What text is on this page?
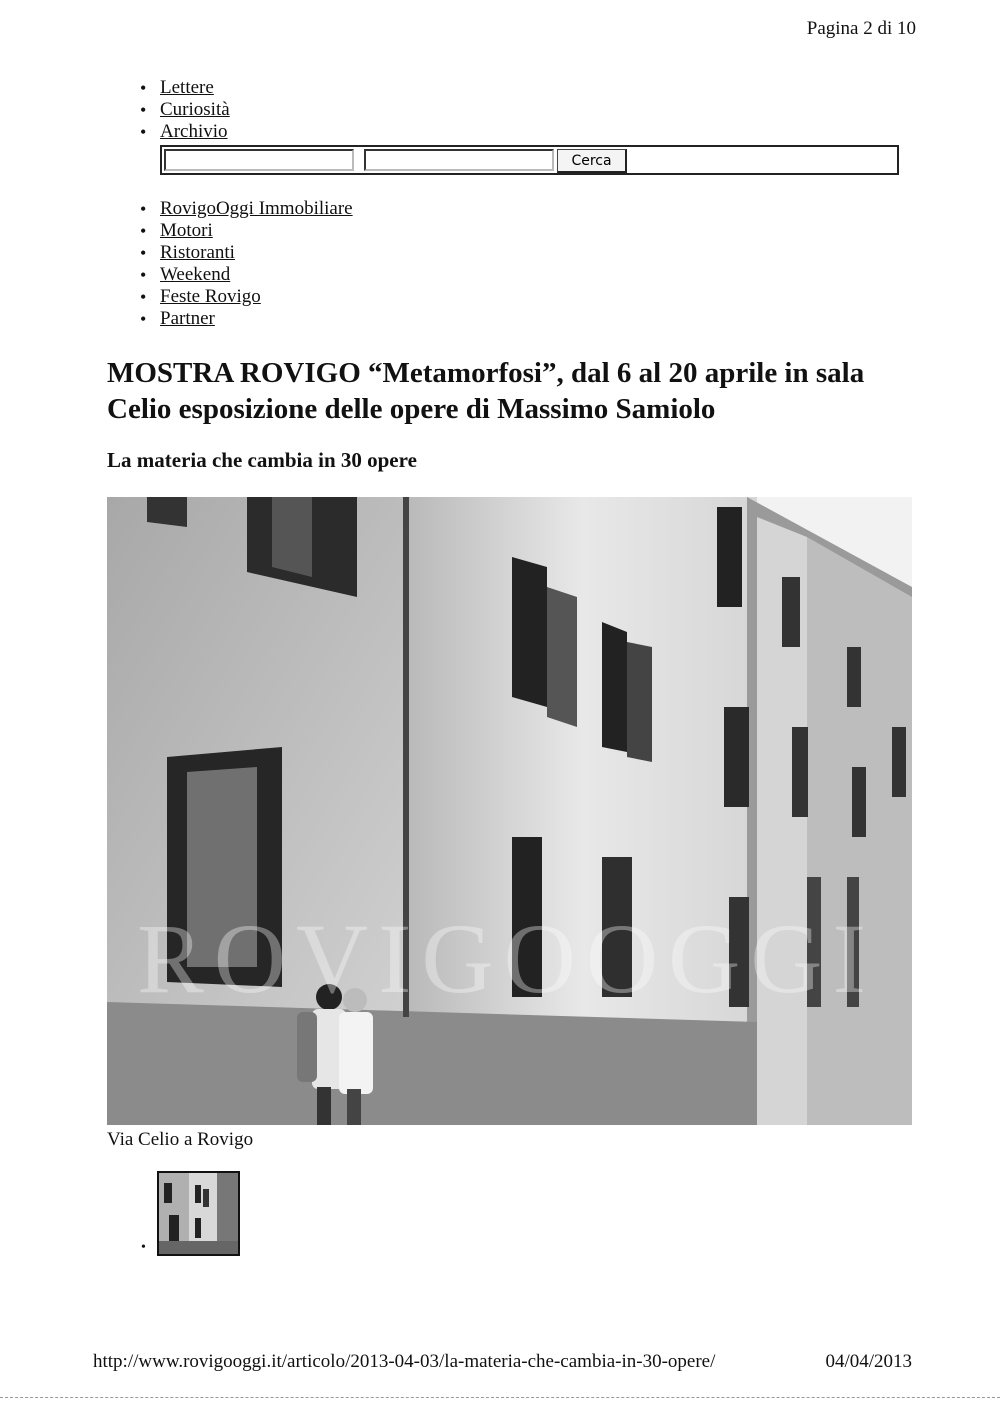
Pagina 2 di 10
• Lettere
• Curiosità
• Archivio
Cerca
• RovigoOggi Immobiliare
• Motori
• Ristoranti
• Weekend
• Feste Rovigo
• Partner
MOSTRA ROVIGO “Metamorfosi”, dal 6 al 20 aprile in sala Celio esposizione delle opere di Massimo Samiolo
La materia che cambia in 30 opere
ROVIGOOGGI
Via Celio a Rovigo
•
http://www.rovigooggi.it/articolo/2013-04-03/la-materia-che-cambia-in-30-opere/	04/04/2013
